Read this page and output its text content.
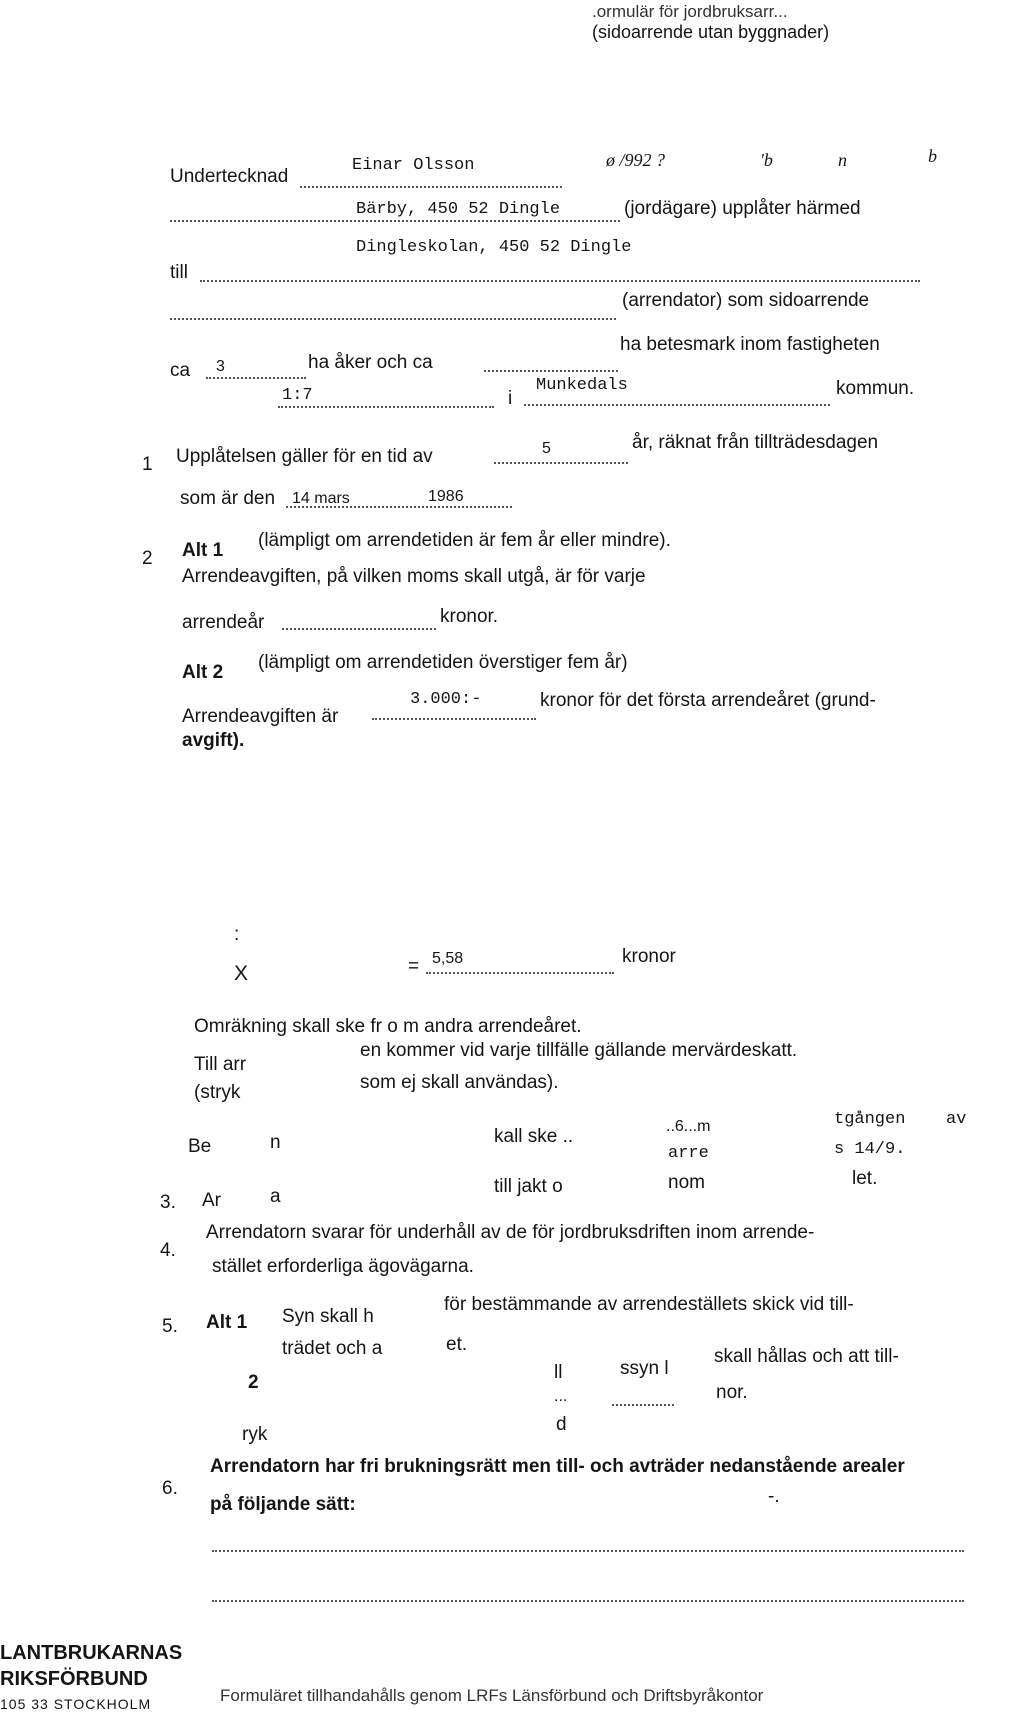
.ormulär för jordbruksarr...
(sidoarrende utan byggnader)
Undertecknad
Einar Olsson	ø /992 ?	'b	n	b
Bärby, 450 52 Dingle	(jordägare) upplåter härmed
till
Dingleskolan, 450 52 Dingle
(arrendator) som sidoarrende
ca 3	ha åker och ca
ha betesmark inom fastigheten
1:7	i
Munkedals	kommun.
1 Upplåtelsen gäller för en tid av	5	år, räknat från tillträdesdagen
som är den 14 mars	1986
2 Alt 1 (lämpligt om arrendetiden är fem år eller mindre).
Arrendeavgiften, på vilken moms skall utgå, är för varje
arrendeår	kronor.
Alt 2 (lämpligt om arrendetiden överstiger fem år)
Arrendeavgiften är
3.000:-	kronor för det första arrendeåret (grund-
avgift).
:
X	= 5,58	kronor
Omräkning skall ske fr o m andra arrendeåret.
Till arr
en kommer vid varje tillfälle gällande mervärdeskatt.
(stryk	som ej skall användas).
Be	n	kall ske ..	..6...m	tgången av
arre	s 14/9.
3. Ar	a	till jakt o	nom	let.
4.
Arrendatorn svarar för underhåll av de för jordbruksdriften inom arrende-
stället erforderliga ägovägarna.
5. Alt 1 Syn skall h
för bestämmande av arrendeställets skick vid till-
trädet och a	et.
2	ll	ssyn l
skall hållas och att till-
...	nor.
ryk	d
6.
Arrendatorn har fri brukningsrätt men till- och avträder nedanstående arealer
på följande sätt:	-.
LANTBRUKARNAS
RIKSFÖRBUND
105 33 STOCKHOLM	Formuläret tillhandahålls genom LRFs Länsförbund och Driftsbyråkontor
